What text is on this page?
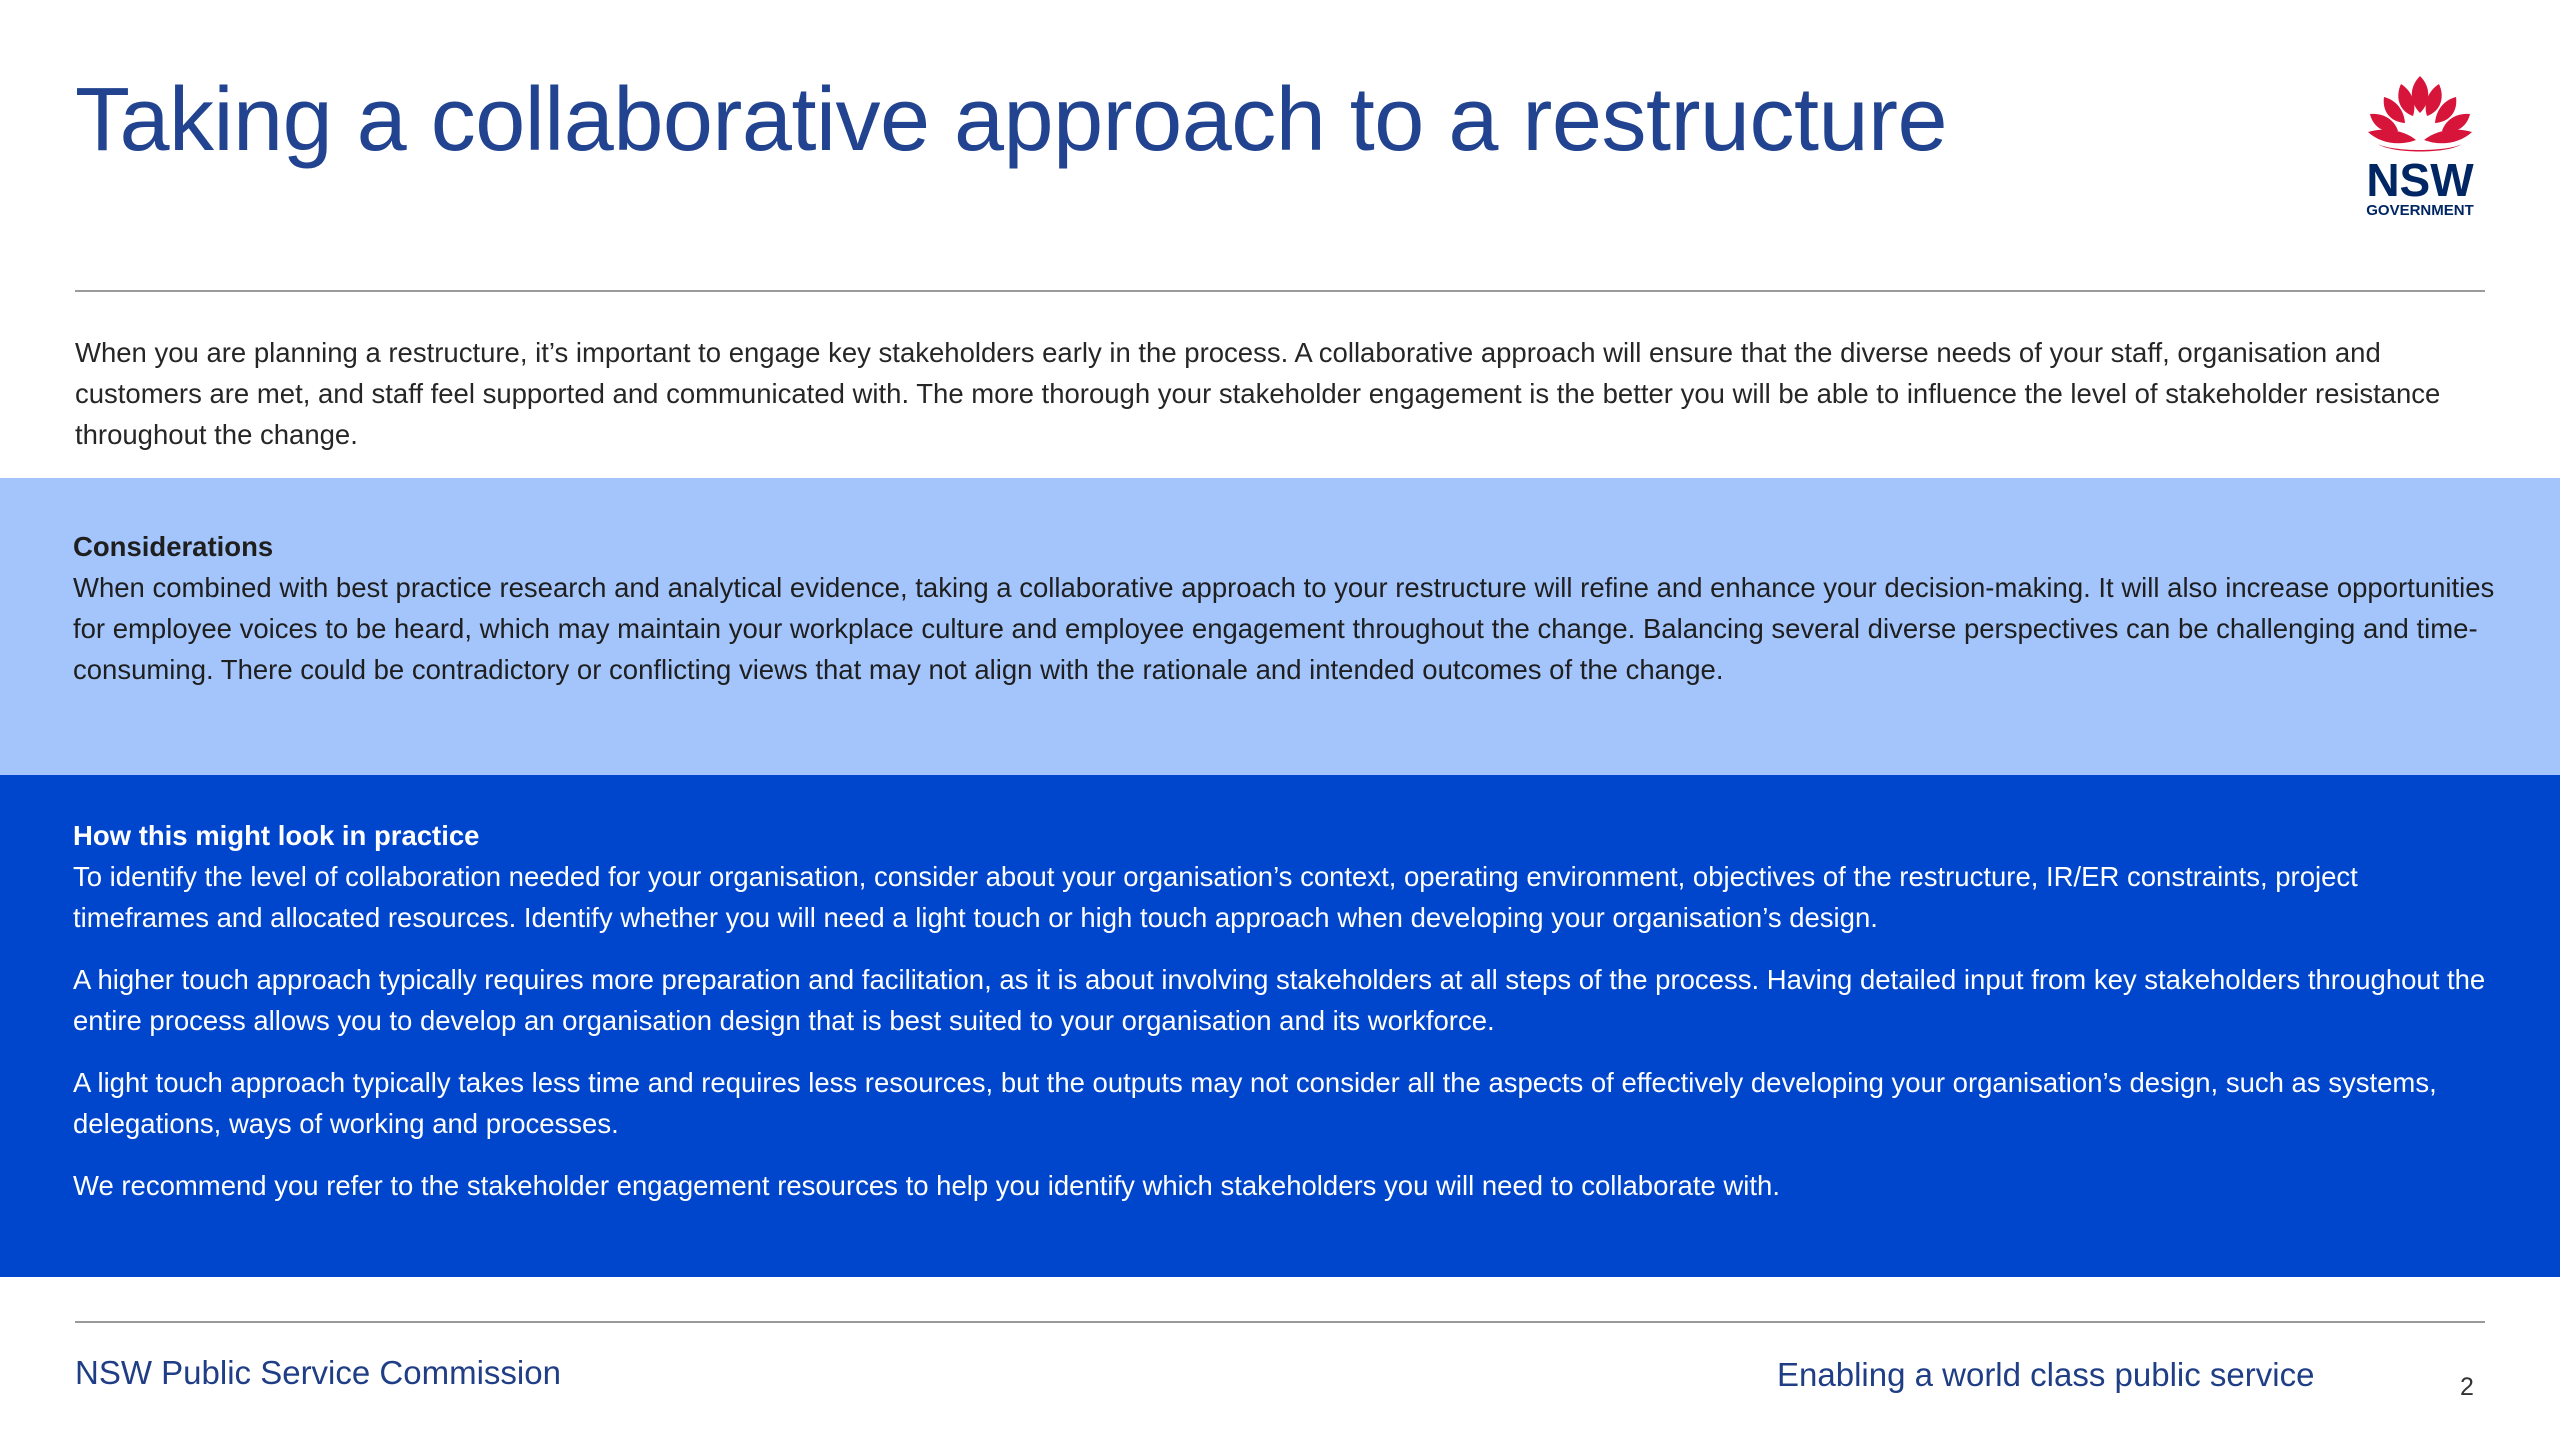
Taking a collaborative approach to a restructure
NSW
GOVERNMENT

When you are planning a restructure, it’s important to engage key stakeholders early in the process. A collaborative approach will ensure that the diverse needs of your staff, organisation and customers are met, and staff feel supported and communicated with. The more thorough your stakeholder engagement is the better you will be able to influence the level of stakeholder resistance throughout the change.

Considerations

When combined with best practice research and analytical evidence, taking a collaborative approach to your restructure will refine and enhance your decision-making. It will also increase opportunities for employee voices to be heard, which may maintain your workplace culture and employee engagement throughout the change. Balancing several diverse perspectives can be challenging and time-consuming. There could be contradictory or conflicting views that may not align with the rationale and intended outcomes of the change.

How this might look in practice

To identify the level of collaboration needed for your organisation, consider about your organisation’s context, operating environment, objectives of the restructure, IR/ER constraints, project timeframes and allocated resources. Identify whether you will need a light touch or high touch approach when developing your organisation’s design.

A higher touch approach typically requires more preparation and facilitation, as it is about involving stakeholders at all steps of the process. Having detailed input from key stakeholders throughout the entire process allows you to develop an organisation design that is best suited to your organisation and its workforce.

A light touch approach typically takes less time and requires less resources, but the outputs may not consider all the aspects of effectively developing your organisation’s design, such as systems, delegations, ways of working and processes.

We recommend you refer to the stakeholder engagement resources to help you identify which stakeholders you will need to collaborate with.

NSW Public Service Commission	Enabling a world class public service	2
